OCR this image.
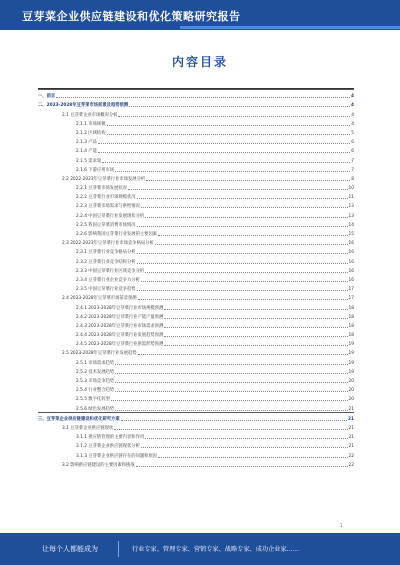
豆芽菜企业供应链建设和优化策略研究报告
内容目录
一、前言	4
二、2023-2028年豆芽菜市场前景及趋势预测	4
2.1 豆芽菜企业市场概况分析	4
2.1.1 市场规模	4
2.1.2 区域结构	5
2.1.3 产品	6
2.1.4 产能	6
2.1.5 需求量	7
2.1.6 下游应用市场	7
2.2 2022-2023年豆芽菜行业市场发展分析	8
2.2.1 豆芽菜市场发展状况	10
2.2.2 豆芽菜行业市场规模状况	11
2.2.3 豆芽菜市场需求与供给情况	13
2.2.4 中国豆芽菜行业发展现状分析	13
2.2.5 我国豆芽菜消费市场情况	14
2.2.6 影响我国豆芽菜行业发展的主要因素	15
2.3 2022-2023年豆芽菜行业市场竞争格局分析	16
2.3.1 豆芽菜行业竞争格局分析	16
2.3.2 豆芽菜行业竞争结构分析	16
2.3.3 中国豆芽菜行业区域竞争分析	16
2.3.4 豆芽菜行业企业竞争力分析	16
2.3.5 中国豆芽菜行业竞争趋势	17
2.4 2023-2028年豆芽菜市场前景预测	17
2.4.1 2023-2028年豆芽菜行业市场规模预测	18
2.4.2 2023-2028年豆芽菜行业产能产量预测	18
2.4.3 2023-2028年豆芽菜行业市场需求预测	18
2.4.4 2023-2028年豆芽菜行业发展趋势预测	18
2.4.5 2023-2028年豆芽菜行业供需形势预测	19
2.5 2023-2028年豆芽菜行业发展趋势	19
2.5.1 市场需求趋势	19
2.5.2 技术发展趋势	19
2.5.3 市场竞争趋势	20
2.5.4 行业整合趋势	20
2.5.5 数字化转型	20
2.5.6 绿色发展趋势	21
三、豆芽菜企业供应链建设和优化研究方案	21
3.1 豆芽菜企业供应链现状	21
3.1.1 供应链管理的主要内容和作用	21
3.1.2 豆芽菜企业供应链现状分析	21
3.1.3 豆芽菜企业供应链存在的问题和原因	22
3.2 影响供应链建设的主要因素和挑战	22
1
让每个人都能成为	行业专家、管理专家、营销专家、战略专家、成功企业家……
